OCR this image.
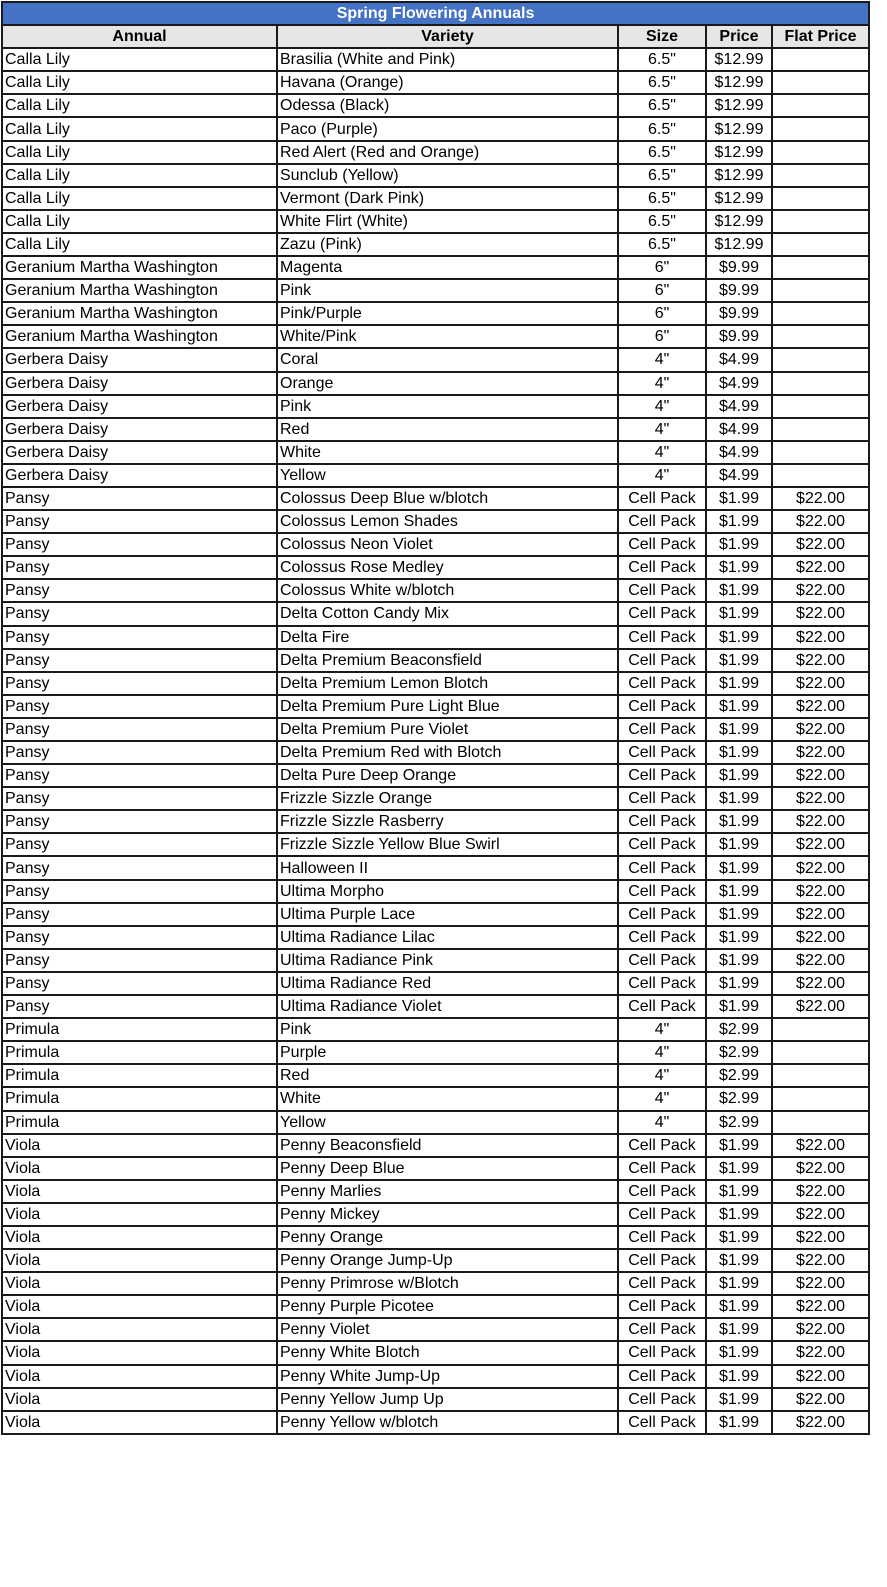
Spring Flowering Annuals				
Annual	Variety	Size	Price	Flat Price
Calla Lily	Brasilia (White and Pink)	6.5"	$12.99	
Calla Lily	Havana (Orange)	6.5"	$12.99	
Calla Lily	Odessa (Black)	6.5"	$12.99	
Calla Lily	Paco (Purple)	6.5"	$12.99	
Calla Lily	Red Alert (Red and Orange)	6.5"	$12.99	
Calla Lily	Sunclub (Yellow)	6.5"	$12.99	
Calla Lily	Vermont (Dark Pink)	6.5"	$12.99	
Calla Lily	White Flirt (White)	6.5"	$12.99	
Calla Lily	Zazu (Pink)	6.5"	$12.99	
Geranium Martha Washington	Magenta	6"	$9.99	
Geranium Martha Washington	Pink	6"	$9.99	
Geranium Martha Washington	Pink/Purple	6"	$9.99	
Geranium Martha Washington	White/Pink	6"	$9.99	
Gerbera Daisy	Coral	4"	$4.99	
Gerbera Daisy	Orange	4"	$4.99	
Gerbera Daisy	Pink	4"	$4.99	
Gerbera Daisy	Red	4"	$4.99	
Gerbera Daisy	White	4"	$4.99	
Gerbera Daisy	Yellow	4"	$4.99	
Pansy	Colossus Deep Blue w/blotch	Cell Pack	$1.99	$22.00
Pansy	Colossus Lemon Shades	Cell Pack	$1.99	$22.00
Pansy	Colossus Neon Violet	Cell Pack	$1.99	$22.00
Pansy	Colossus Rose Medley	Cell Pack	$1.99	$22.00
Pansy	Colossus White w/blotch	Cell Pack	$1.99	$22.00
Pansy	Delta Cotton Candy Mix	Cell Pack	$1.99	$22.00
Pansy	Delta Fire	Cell Pack	$1.99	$22.00
Pansy	Delta Premium Beaconsfield	Cell Pack	$1.99	$22.00
Pansy	Delta Premium Lemon Blotch	Cell Pack	$1.99	$22.00
Pansy	Delta Premium Pure Light Blue	Cell Pack	$1.99	$22.00
Pansy	Delta Premium Pure Violet	Cell Pack	$1.99	$22.00
Pansy	Delta Premium Red with Blotch	Cell Pack	$1.99	$22.00
Pansy	Delta Pure Deep Orange	Cell Pack	$1.99	$22.00
Pansy	Frizzle Sizzle Orange	Cell Pack	$1.99	$22.00
Pansy	Frizzle Sizzle Rasberry	Cell Pack	$1.99	$22.00
Pansy	Frizzle Sizzle Yellow Blue Swirl	Cell Pack	$1.99	$22.00
Pansy	Halloween II	Cell Pack	$1.99	$22.00
Pansy	Ultima Morpho	Cell Pack	$1.99	$22.00
Pansy	Ultima Purple Lace	Cell Pack	$1.99	$22.00
Pansy	Ultima Radiance Lilac	Cell Pack	$1.99	$22.00
Pansy	Ultima Radiance Pink	Cell Pack	$1.99	$22.00
Pansy	Ultima Radiance Red	Cell Pack	$1.99	$22.00
Pansy	Ultima Radiance Violet	Cell Pack	$1.99	$22.00
Primula	Pink	4"	$2.99	
Primula	Purple	4"	$2.99	
Primula	Red	4"	$2.99	
Primula	White	4"	$2.99	
Primula	Yellow	4"	$2.99	
Viola	Penny Beaconsfield	Cell Pack	$1.99	$22.00
Viola	Penny Deep Blue	Cell Pack	$1.99	$22.00
Viola	Penny Marlies	Cell Pack	$1.99	$22.00
Viola	Penny Mickey	Cell Pack	$1.99	$22.00
Viola	Penny Orange	Cell Pack	$1.99	$22.00
Viola	Penny Orange Jump-Up	Cell Pack	$1.99	$22.00
Viola	Penny Primrose w/Blotch	Cell Pack	$1.99	$22.00
Viola	Penny Purple Picotee	Cell Pack	$1.99	$22.00
Viola	Penny Violet	Cell Pack	$1.99	$22.00
Viola	Penny White Blotch	Cell Pack	$1.99	$22.00
Viola	Penny White Jump-Up	Cell Pack	$1.99	$22.00
Viola	Penny Yellow Jump Up	Cell Pack	$1.99	$22.00
Viola	Penny Yellow w/blotch	Cell Pack	$1.99	$22.00
